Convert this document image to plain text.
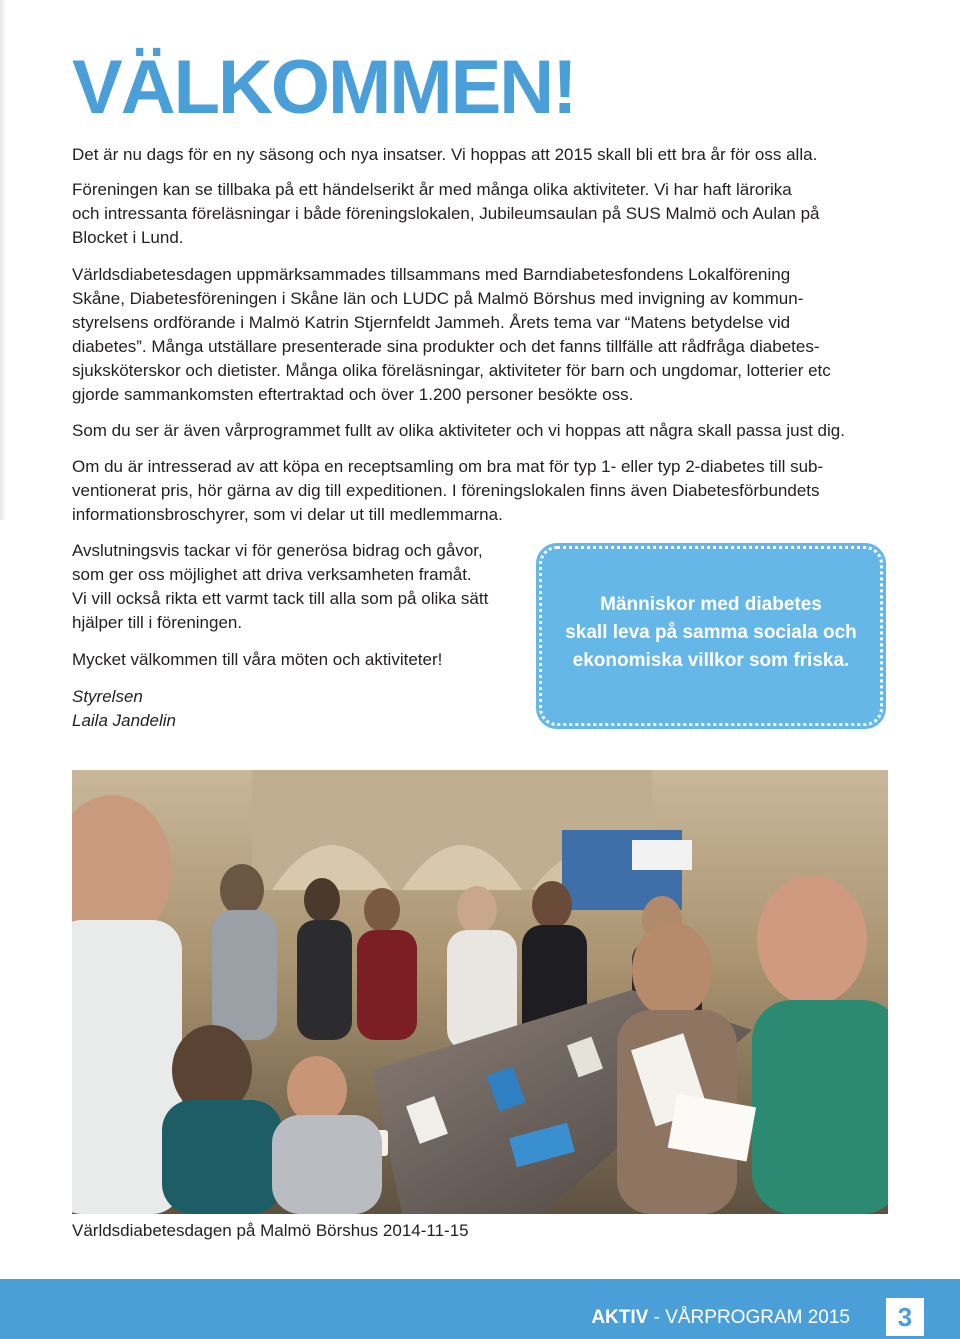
VÄLKOMMEN!

Det är nu dags för en ny säsong och nya insatser. Vi hoppas att 2015 skall bli ett bra år för oss alla.

Föreningen kan se tillbaka på ett händelserikt år med många olika aktiviteter. Vi har haft lärorika
och intressanta föreläsningar i både föreningslokalen, Jubileumsaulan på SUS Malmö och Aulan på
Blocket i Lund.

Världsdiabetesdagen uppmärksammades tillsammans med Barndiabetesfondens Lokalförening
Skåne, Diabetesföreningen i Skåne län och LUDC på Malmö Börshus med invigning av kommun-
styrelsens ordförande i Malmö Katrin Stjernfeldt Jammeh. Årets tema var “Matens betydelse vid
diabetes”. Många utställare presenterade sina produkter och det fanns tillfälle att rådfråga diabetes-
sjuksköterskor och dietister. Många olika föreläsningar, aktiviteter för barn och ungdomar, lotterier etc
gjorde sammankomsten eftertraktad och över 1.200 personer besökte oss.

Som du ser är även vårprogrammet fullt av olika aktiviteter och vi hoppas att några skall passa just dig.

Om du är intresserad av att köpa en receptsamling om bra mat för typ 1- eller typ 2-diabetes till sub-
ventionerat pris, hör gärna av dig till expeditionen. I föreningslokalen finns även Diabetesförbundets
informationsbroschyrer, som vi delar ut till medlemmarna.

Avslutningsvis tackar vi för generösa bidrag och gåvor,
som ger oss möjlighet att driva verksamheten framåt.
Vi vill också rikta ett varmt tack till alla som på olika sätt
hjälper till i föreningen.

Mycket välkommen till våra möten och aktiviteter!

Styrelsen
Laila Jandelin
Människor med diabetes
skall leva på samma sociala och
ekonomiska villkor som friska.
Världsdiabetesdagen på Malmö Börshus 2014-11-15
AKTIV - VÅRPROGRAM 2015	3
